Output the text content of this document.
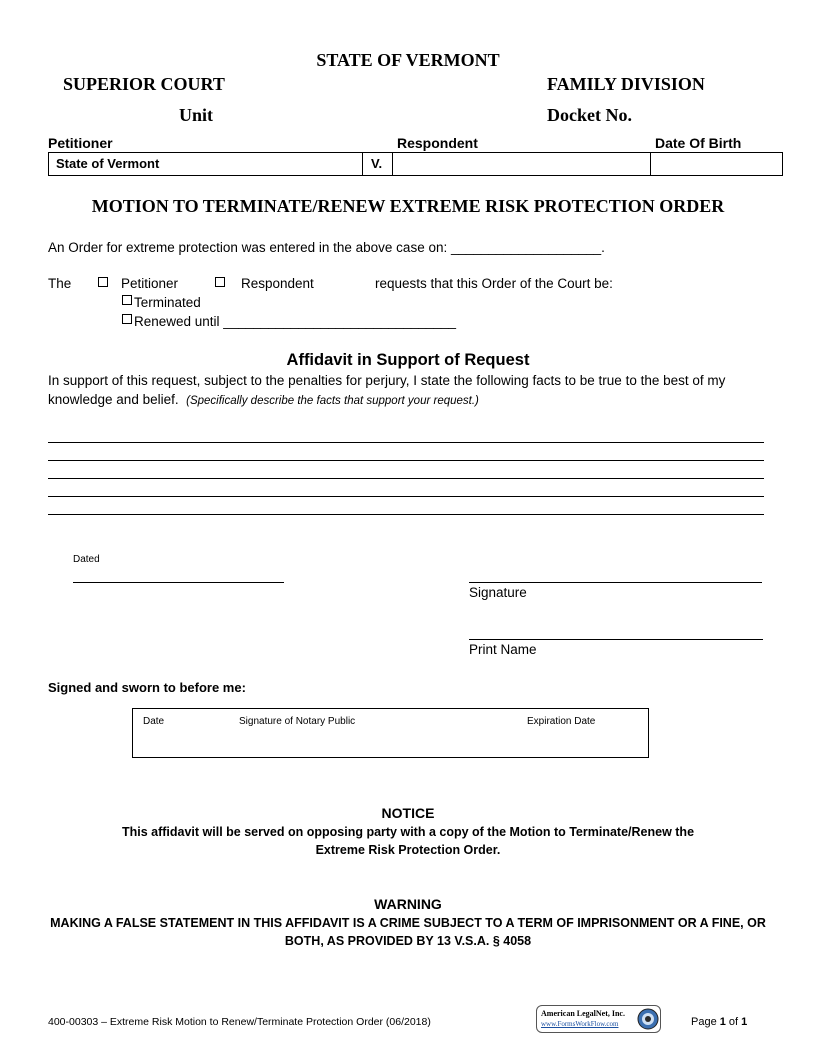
STATE OF VERMONT
SUPERIOR COURT	FAMILY DIVISION
Unit	Docket No.
Petitioner	Respondent	Date Of Birth
State of Vermont	V.
MOTION TO TERMINATE/RENEW EXTREME RISK PROTECTION ORDER
An Order for extreme protection was entered in the above case on: ____________________.
The	Petitioner	Respondent	requests that this Order of the Court be:
Terminated
Renewed until _______________________________
Affidavit in Support of Request
In support of this request, subject to the penalties for perjury, I state the following facts to be true to the best of my
knowledge and belief. (Specifically describe the facts that support your request.)
Dated
Signature
Print Name
Signed and sworn to before me:
Date	Signature of Notary Public	Expiration Date
NOTICE
This affidavit will be served on opposing party with a copy of the Motion to Terminate/Renew the
Extreme Risk Protection Order.
WARNING
MAKING A FALSE STATEMENT IN THIS AFFIDAVIT IS A CRIME SUBJECT TO A TERM OF IMPRISONMENT OR A FINE, OR
BOTH, AS PROVIDED BY 13 V.S.A. § 4058
400-00303 – Extreme Risk Motion to Renew/Terminate Protection Order (06/2018)
American LegalNet, Inc.
www.FormsWorkFlow.com	Page 1 of 1
